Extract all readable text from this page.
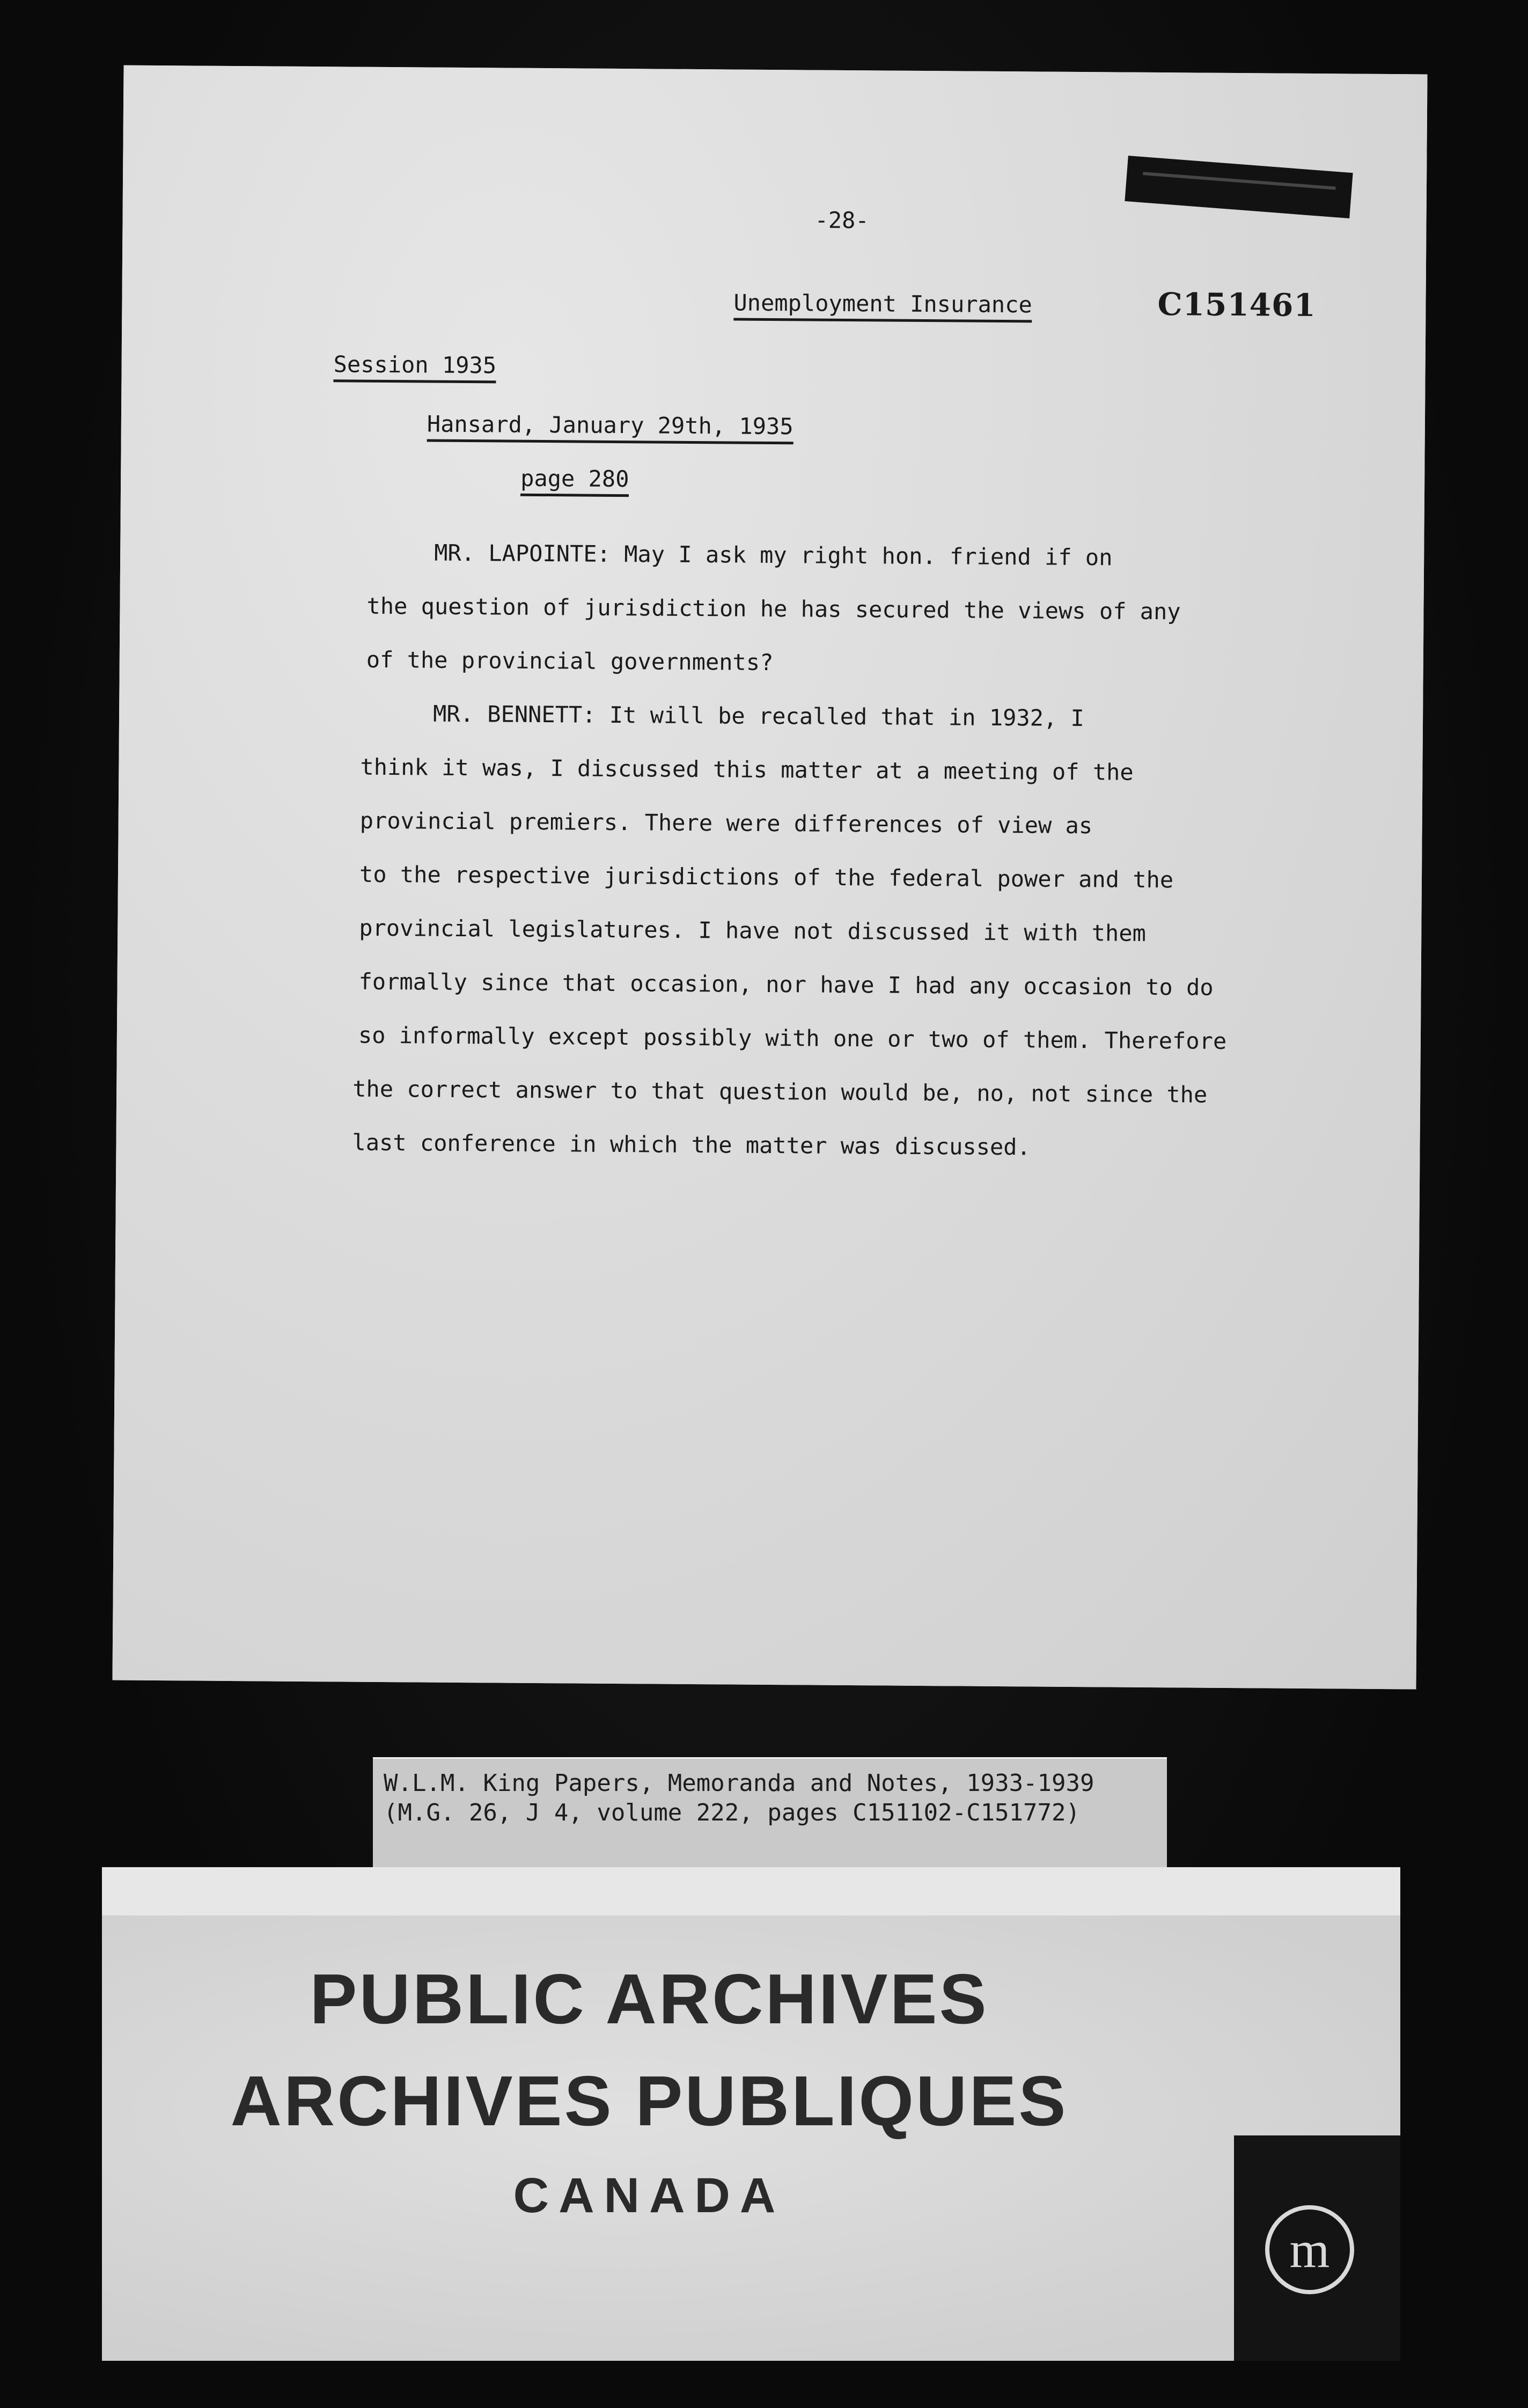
-28-
Unemployment Insurance	C151461
Session 1935
Hansard, January 29th, 1935
page 280
MR. LAPOINTE: May I ask my right hon. friend if on
the question of jurisdiction he has secured the views of any
of the provincial governments?
MR. BENNETT: It will be recalled that in 1932, I
think it was, I discussed this matter at a meeting of the
provincial premiers. There were differences of view as
to the respective jurisdictions of the federal power and the
provincial legislatures. I have not discussed it with them
formally since that occasion, nor have I had any occasion to do
so informally except possibly with one or two of them. Therefore
the correct answer to that question would be, no, not since the
last conference in which the matter was discussed.
W.L.M. King Papers, Memoranda and Notes, 1933-1939
(M.G. 26, J 4, volume 222, pages C151102-C151772)
PUBLIC ARCHIVES
ARCHIVES PUBLIQUES
CANADA
m
